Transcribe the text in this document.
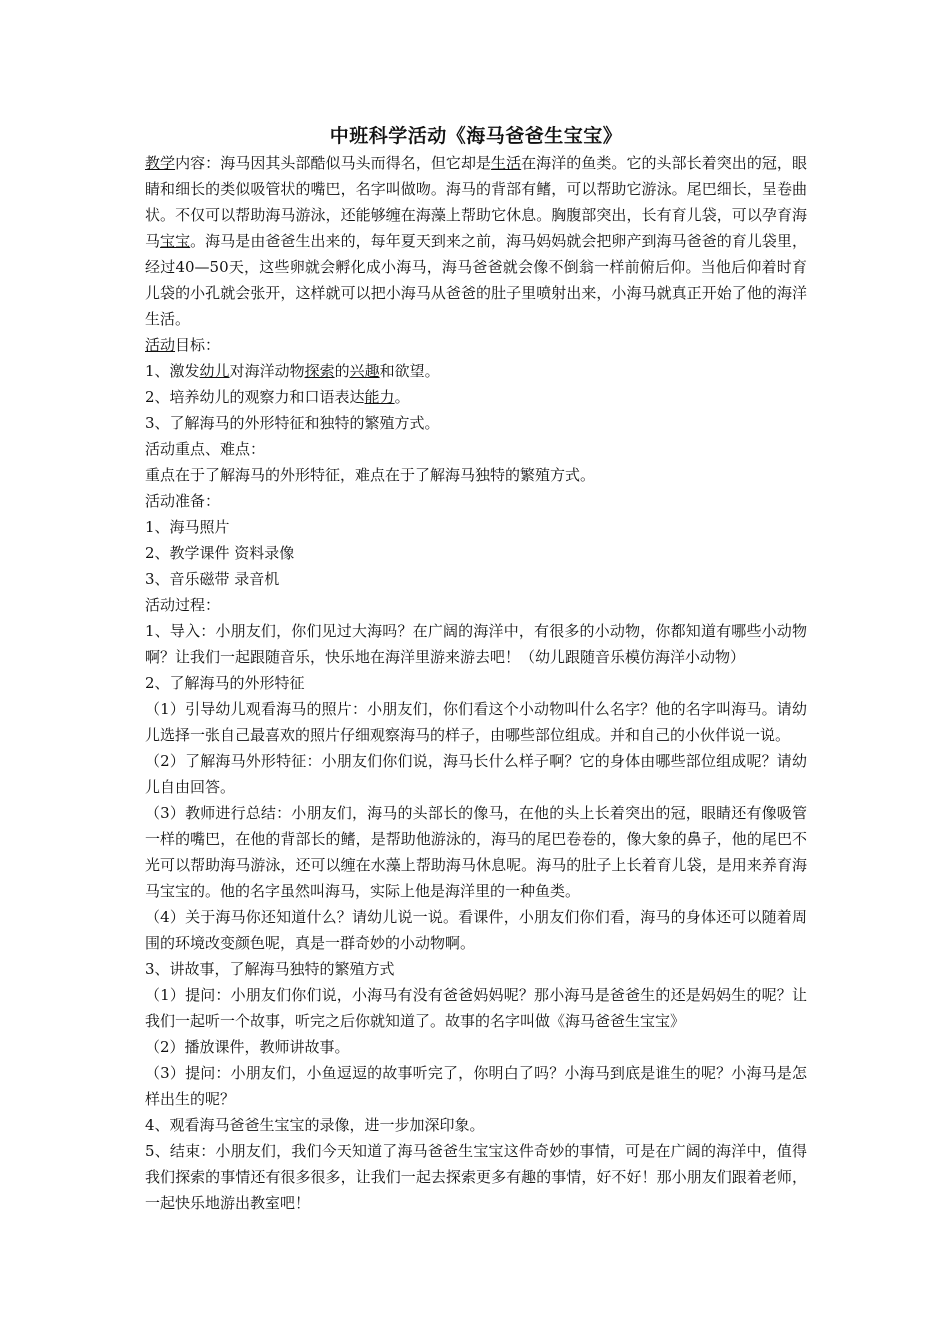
中班科学活动《海马爸爸生宝宝》

教学内容：海马因其头部酷似马头而得名，但它却是生活在海洋的鱼类。它的头部长着突出的冠，眼睛和细长的类似吸管状的嘴巴，名字叫做吻。海马的背部有鳍，可以帮助它游泳。尾巴细长，呈卷曲状。不仅可以帮助海马游泳，还能够缠在海藻上帮助它休息。胸腹部突出，长有育儿袋，可以孕育海马宝宝。海马是由爸爸生出来的，每年夏天到来之前，海马妈妈就会把卵产到海马爸爸的育儿袋里，经过40—50天，这些卵就会孵化成小海马，海马爸爸就会像不倒翁一样前俯后仰。当他后仰着时育儿袋的小孔就会张开，这样就可以把小海马从爸爸的肚子里喷射出来，小海马就真正开始了他的海洋生活。

活动目标：

1、激发幼儿对海洋动物探索的兴趣和欲望。

2、培养幼儿的观察力和口语表达能力。

3、了解海马的外形特征和独特的繁殖方式。

活动重点、难点：

重点在于了解海马的外形特征，难点在于了解海马独特的繁殖方式。

活动准备：

1、海马照片

2、教学课件 资料录像

3、音乐磁带 录音机

活动过程：

1、导入：小朋友们，你们见过大海吗？在广阔的海洋中，有很多的小动物，你都知道有哪些小动物啊？让我们一起跟随音乐，快乐地在海洋里游来游去吧！（幼儿跟随音乐模仿海洋小动物）

2、了解海马的外形特征

（1）引导幼儿观看海马的照片：小朋友们，你们看这个小动物叫什么名字？他的名字叫海马。请幼儿选择一张自己最喜欢的照片仔细观察海马的样子，由哪些部位组成。并和自己的小伙伴说一说。

（2）了解海马外形特征：小朋友们你们说，海马长什么样子啊？它的身体由哪些部位组成呢？请幼儿自由回答。

（3）教师进行总结：小朋友们，海马的头部长的像马，在他的头上长着突出的冠，眼睛还有像吸管一样的嘴巴，在他的背部长的鳍，是帮助他游泳的，海马的尾巴卷卷的，像大象的鼻子，他的尾巴不光可以帮助海马游泳，还可以缠在水藻上帮助海马休息呢。海马的肚子上长着育儿袋，是用来养育海马宝宝的。他的名字虽然叫海马，实际上他是海洋里的一种鱼类。

（4）关于海马你还知道什么？请幼儿说一说。看课件，小朋友们你们看，海马的身体还可以随着周围的环境改变颜色呢，真是一群奇妙的小动物啊。

3、讲故事，了解海马独特的繁殖方式

（1）提问：小朋友们你们说，小海马有没有爸爸妈妈呢？那小海马是爸爸生的还是妈妈生的呢？让我们一起听一个故事，听完之后你就知道了。故事的名字叫做《海马爸爸生宝宝》

（2）播放课件，教师讲故事。

（3）提问：小朋友们，小鱼逗逗的故事听完了，你明白了吗？小海马到底是谁生的呢？小海马是怎样出生的呢？

4、观看海马爸爸生宝宝的录像，进一步加深印象。

5、结束：小朋友们，我们今天知道了海马爸爸生宝宝这件奇妙的事情，可是在广阔的海洋中，值得我们探索的事情还有很多很多，让我们一起去探索更多有趣的事情，好不好！那小朋友们跟着老师，一起快乐地游出教室吧！
